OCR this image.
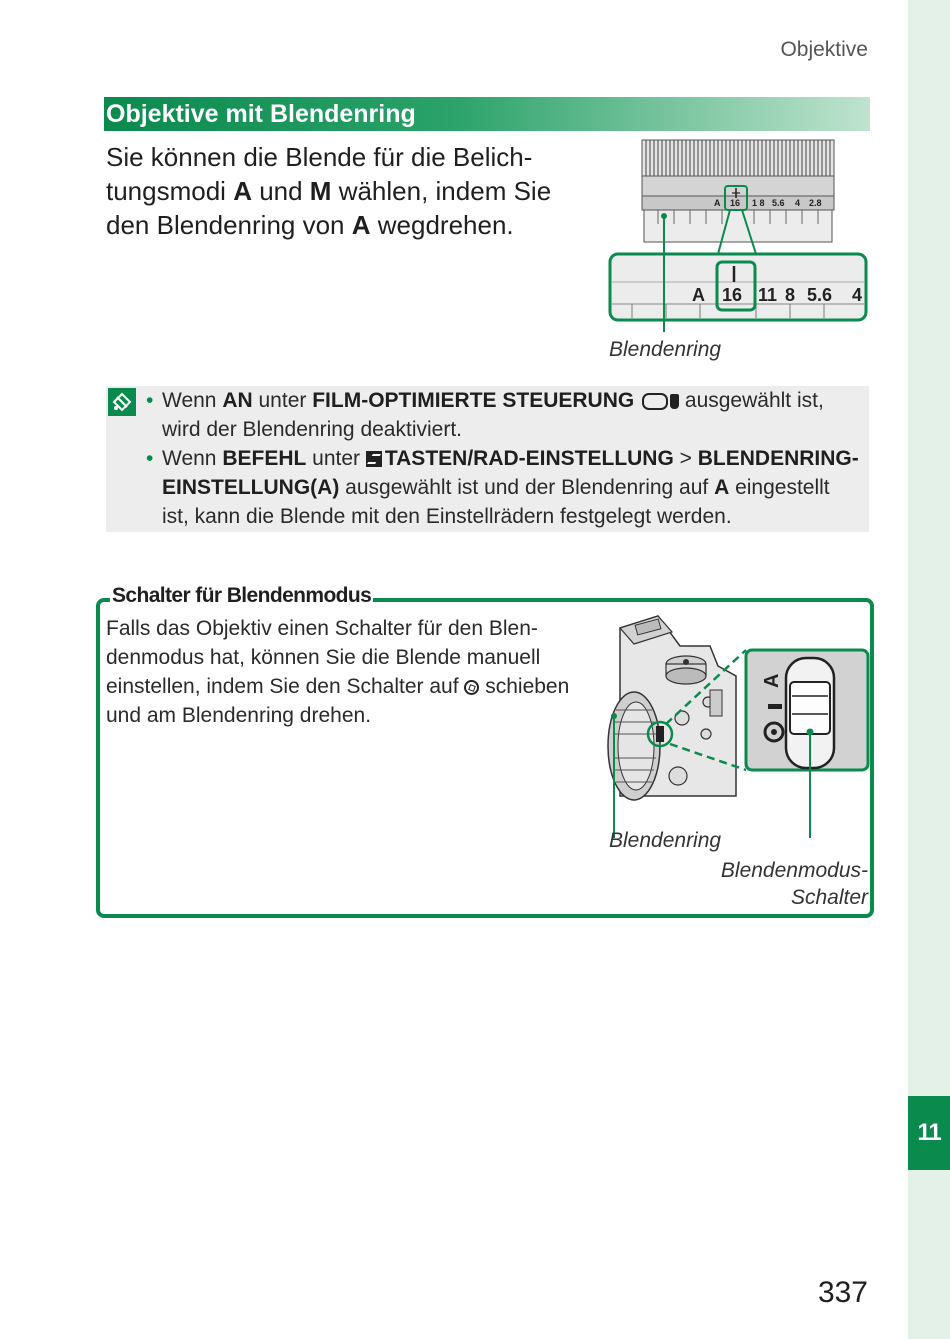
11
Objektive
Objektive mit Blendenring
Sie können die Blende für die Belich-
tungsmodi A und M wählen, indem Sie
den Blendenring von A wegdrehen.
A 16 1 8 5.6 4 2.8
A 16 11 8 5.6 4
Blendenring
• Wenn AN unter FILM-OPTIMIERTE STEUERUNG  ausgewählt ist,
wird der Blendenring deaktiviert.
• Wenn BEFEHL unter
TASTEN/RAD-EINSTELLUNG > BLENDENRING-
EINSTELLUNG(A) ausgewählt ist und der Blendenring auf A eingestellt
ist, kann die Blende mit den Einstellrädern festgelegt werden.
Schalter für Blendenmodus
Falls das Objektiv einen Schalter für den Blen-
denmodus hat, können Sie die Blende manuell
einstellen, indem Sie den Schalter auf
schieben
und am Blendenring drehen.
A
Blendenring
Blendenmodus-
Schalter
337
